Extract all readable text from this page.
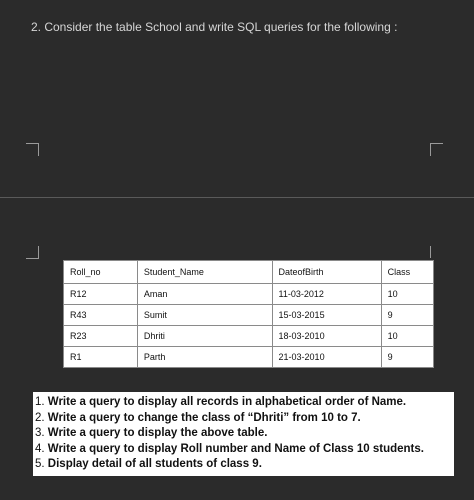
2. Consider the table School and write SQL queries for the following :
Roll_no	Student_Name	DateofBirth	Class
R12	Aman	11-03-2012	10
R43	Sumit	15-03-2015	9
R23	Dhriti	18-03-2010	10
R1	Parth	21-03-2010	9
1. Write a query to display all records in alphabetical order of Name.
2. Write a query to change the class of “Dhriti” from 10 to 7.
3. Write a query to display the above table.
4. Write a query to display Roll number and Name of Class 10 students.
5. Display detail of all students of class 9.
